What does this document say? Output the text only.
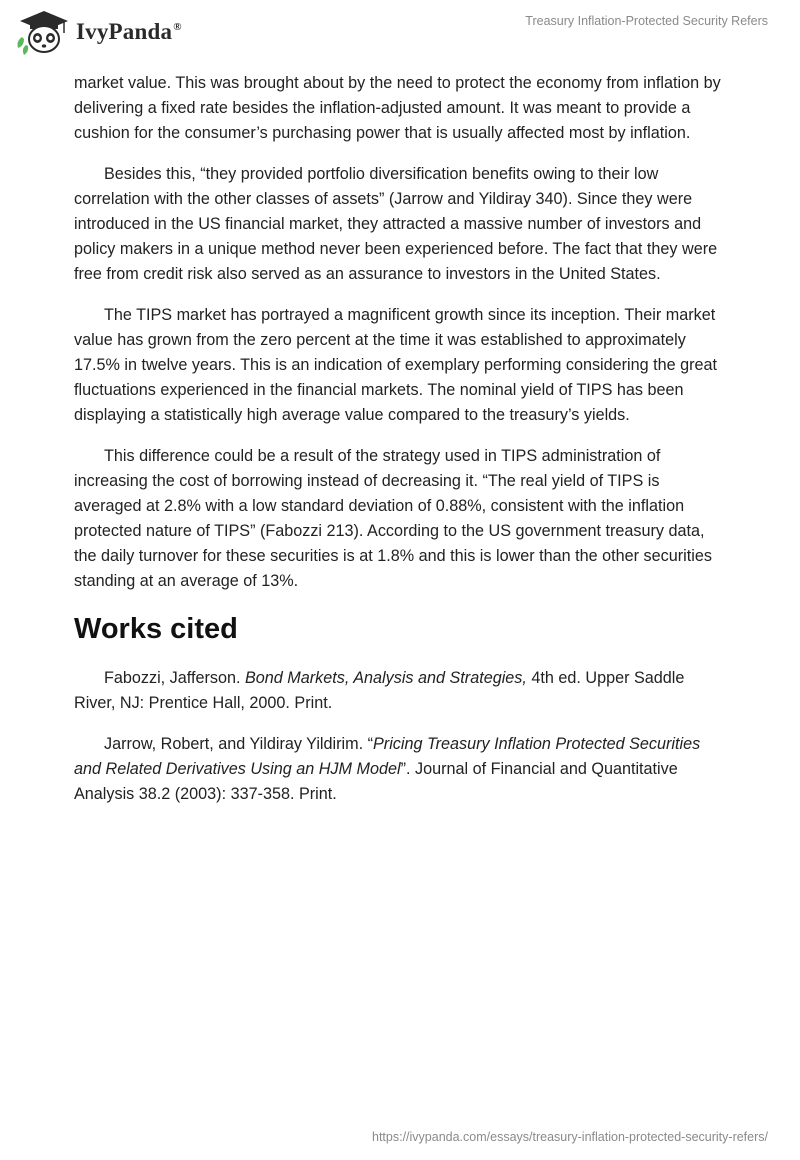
IvyPanda®	Treasury Inflation-Protected Security Refers

market value. This was brought about by the need to protect the economy from inflation by delivering a fixed rate besides the inflation-adjusted amount. It was meant to provide a cushion for the consumer’s purchasing power that is usually affected most by inflation.

Besides this, “they provided portfolio diversification benefits owing to their low correlation with the other classes of assets” (Jarrow and Yildiray 340). Since they were introduced in the US financial market, they attracted a massive number of investors and policy makers in a unique method never been experienced before. The fact that they were free from credit risk also served as an assurance to investors in the United States.

The TIPS market has portrayed a magnificent growth since its inception. Their market value has grown from the zero percent at the time it was established to approximately 17.5% in twelve years. This is an indication of exemplary performing considering the great fluctuations experienced in the financial markets. The nominal yield of TIPS has been displaying a statistically high average value compared to the treasury’s yields.

This difference could be a result of the strategy used in TIPS administration of increasing the cost of borrowing instead of decreasing it. “The real yield of TIPS is averaged at 2.8% with a low standard deviation of 0.88%, consistent with the inflation protected nature of TIPS” (Fabozzi 213). According to the US government treasury data, the daily turnover for these securities is at 1.8% and this is lower than the other securities standing at an average of 13%.

Works cited

Fabozzi, Jafferson. Bond Markets, Analysis and Strategies, 4th ed. Upper Saddle River, NJ: Prentice Hall, 2000. Print.

Jarrow, Robert, and Yildiray Yildirim. “Pricing Treasury Inflation Protected Securities and Related Derivatives Using an HJM Model”. Journal of Financial and Quantitative Analysis 38.2 (2003): 337-358. Print.

https://ivypanda.com/essays/treasury-inflation-protected-security-refers/
